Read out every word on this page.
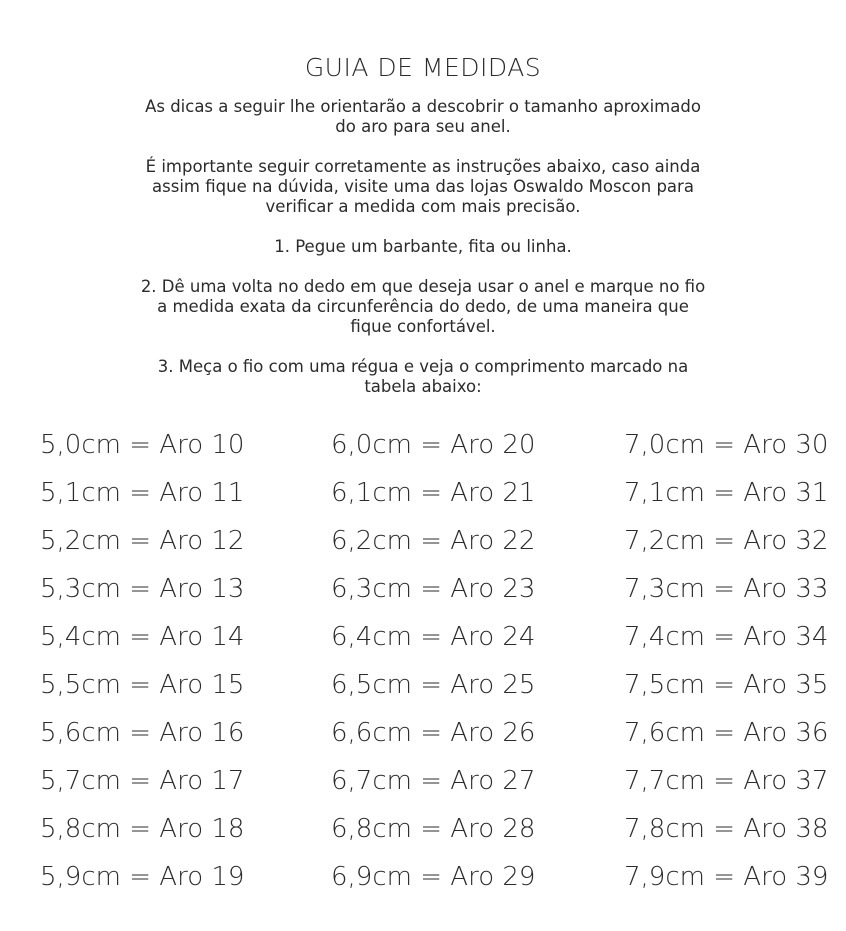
GUIA DE MEDIDAS

As dicas a seguir lhe orientarão a descobrir o tamanho aproximado do aro para seu anel.

É importante seguir corretamente as instruções abaixo, caso ainda assim fique na dúvida, visite uma das lojas Oswaldo Moscon para verificar a medida com mais precisão.

1. Pegue um barbante, fita ou linha.

2. Dê uma volta no dedo em que deseja usar o anel e marque no fio a medida exata da circunferência do dedo, de uma maneira que fique confortável.

3. Meça o fio com uma régua e veja o comprimento marcado na tabela abaixo:

5,0cm = Aro 10
5,1cm = Aro 11
5,2cm = Aro 12
5,3cm = Aro 13
5,4cm = Aro 14
5,5cm = Aro 15
5,6cm = Aro 16
5,7cm = Aro 17
5,8cm = Aro 18
5,9cm = Aro 19
6,0cm = Aro 20
6,1cm = Aro 21
6,2cm = Aro 22
6,3cm = Aro 23
6,4cm = Aro 24
6,5cm = Aro 25
6,6cm = Aro 26
6,7cm = Aro 27
6,8cm = Aro 28
6,9cm = Aro 29
7,0cm = Aro 30
7,1cm = Aro 31
7,2cm = Aro 32
7,3cm = Aro 33
7,4cm = Aro 34
7,5cm = Aro 35
7,6cm = Aro 36
7,7cm = Aro 37
7,8cm = Aro 38
7,9cm = Aro 39
